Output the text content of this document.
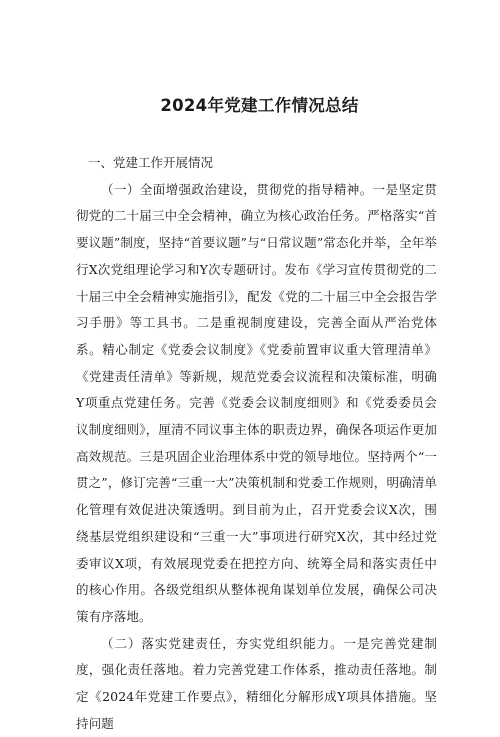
2024年党建工作情况总结

一、党建工作开展情况

（一）全面增强政治建设，贯彻党的指导精神。一是坚定贯彻党的二十届三中全会精神，确立为核心政治任务。严格落实“首要议题”制度，坚持“首要议题”与“日常议题”常态化并举，全年举行X次党组理论学习和Y次专题研讨。发布《学习宣传贯彻党的二十届三中全会精神实施指引》，配发《党的二十届三中全会报告学习手册》等工具书。二是重视制度建设，完善全面从严治党体系。精心制定《党委会议制度》《党委前置审议重大管理清单》《党建责任清单》等新规，规范党委会议流程和决策标准，明确Y项重点党建任务。完善《党委会议制度细则》和《党委委员会议制度细则》，厘清不同议事主体的职责边界，确保各项运作更加高效规范。三是巩固企业治理体系中党的领导地位。坚持两个“一贯之”，修订完善“三重一大”决策机制和党委工作规则，明确清单化管理有效促进决策透明。到目前为止，召开党委会议X次，围绕基层党组织建设和“三重一大”事项进行研究X次，其中经过党委审议X项，有效展现党委在把控方向、统筹全局和落实责任中的核心作用。各级党组织从整体视角谋划单位发展，确保公司决策有序落地。

（二）落实党建责任，夯实党组织能力。一是完善党建制度，强化责任落地。着力完善党建工作体系，推动责任落地。制定《2024年党建工作要点》，精细化分解形成Y项具体措施。坚持问题
